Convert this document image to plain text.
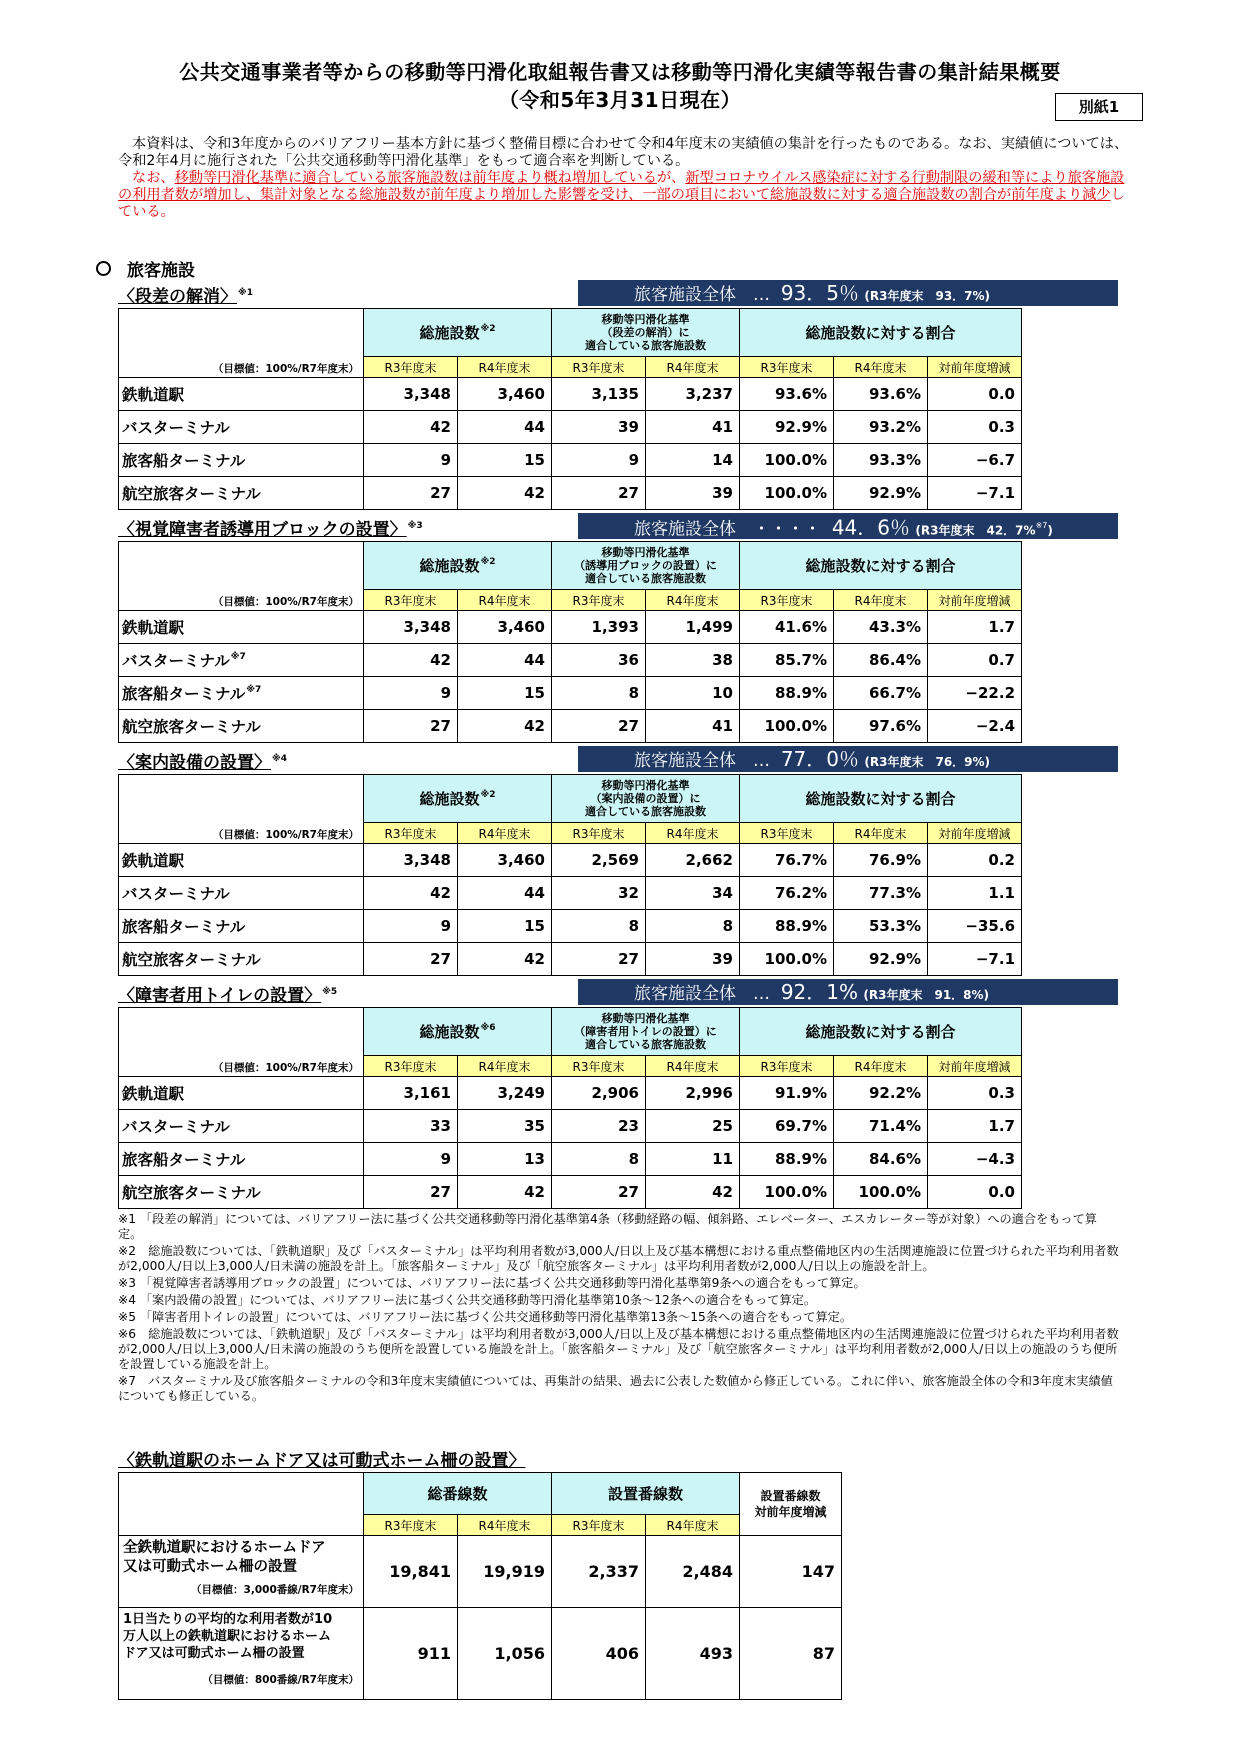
公共交通事業者等からの移動等円滑化取組報告書又は移動等円滑化実績等報告書の集計結果概要
（令和5年3月31日現在）	別紙1
本資料は、令和3年度からのバリアフリー基本方針に基づく整備目標に合わせて令和4年度末の実績値の集計を行ったものである。なお、実績値については、令和2年4月に施行された「公共交通移動等円滑化基準」をもって適合率を判断している。
なお、移動等円滑化基準に適合している旅客施設数は前年度より概ね増加しているが、新型コロナウイルス感染症に対する行動制限の緩和等により旅客施設の利用者数が増加し、集計対象となる総施設数が前年度より増加した影響を受け、一部の項目において総施設数に対する適合施設数の割合が前年度より減少している。
旅客施設
〈段差の解消〉$^{※1}$	旅客施設全体　… 93．5％ (R3年度末　93．7%)
（目標値：100%/R7年度末）	総施設数$^{※2}$		移動等円滑化基準
（段差の解消）に
適合している旅客施設数		総施設数に対する割合		
	R3年度末	R4年度末	R3年度末	R4年度末	R3年度末	R4年度末	対前年度増減
鉄軌道駅	3,348	3,460	3,135	3,237	93.6%	93.6%	0.0
バスターミナル	42	44	39	41	92.9%	93.2%	0.3
旅客船ターミナル	9	15	9	14	100.0%	93.3%	−6.7
航空旅客ターミナル	27	42	27	39	100.0%	92.9%	−7.1
〈視覚障害者誘導用ブロックの設置〉$^{※3}$	旅客施設全体　・・・・ 44．6％ (R3年度末　42．7%$^{※7}$)
（目標値：100%/R7年度末）	総施設数$^{※2}$		移動等円滑化基準
（誘導用ブロックの設置）に
適合している旅客施設数		総施設数に対する割合		
	R3年度末	R4年度末	R3年度末	R4年度末	R3年度末	R4年度末	対前年度増減
鉄軌道駅	3,348	3,460	1,393	1,499	41.6%	43.3%	1.7
バスターミナル$^{※7}$	42	44	36	38	85.7%	86.4%	0.7
旅客船ターミナル$^{※7}$	9	15	8	10	88.9%	66.7%	−22.2
航空旅客ターミナル	27	42	27	41	100.0%	97.6%	−2.4
〈案内設備の設置〉$^{※4}$	旅客施設全体　… 77．0％ (R3年度末　76．9%)
（目標値：100%/R7年度末）	総施設数$^{※2}$		移動等円滑化基準
（案内設備の設置）に
適合している旅客施設数		総施設数に対する割合		
	R3年度末	R4年度末	R3年度末	R4年度末	R3年度末	R4年度末	対前年度増減
鉄軌道駅	3,348	3,460	2,569	2,662	76.7%	76.9%	0.2
バスターミナル	42	44	32	34	76.2%	77.3%	1.1
旅客船ターミナル	9	15	8	8	88.9%	53.3%	−35.6
航空旅客ターミナル	27	42	27	39	100.0%	92.9%	−7.1
〈障害者用トイレの設置〉$^{※5}$	旅客施設全体　… 92．1% (R3年度末　91．8%)
（目標値：100%/R7年度末）	総施設数$^{※6}$		移動等円滑化基準
（障害者用トイレの設置）に
適合している旅客施設数		総施設数に対する割合		
	R3年度末	R4年度末	R3年度末	R4年度末	R3年度末	R4年度末	対前年度増減
鉄軌道駅	3,161	3,249	2,906	2,996	91.9%	92.2%	0.3
バスターミナル	33	35	23	25	69.7%	71.4%	1.7
旅客船ターミナル	9	13	8	11	88.9%	84.6%	−4.3
航空旅客ターミナル	27	42	27	42	100.0%	100.0%	0.0

※1 「段差の解消」については、バリアフリー法に基づく公共交通移動等円滑化基準第4条（移動経路の幅、傾斜路、エレベーター、エスカレーター等が対象）への適合をもって算定。

※2　総施設数については、「鉄軌道駅」及び「バスターミナル」は平均利用者数が3,000人/日以上及び基本構想における重点整備地区内の生活関連施設に位置づけられた平均利用者数が2,000人/日以上3,000人/日未満の施設を計上。「旅客船ターミナル」及び「航空旅客ターミナル」は平均利用者数が2,000人/日以上の施設を計上。

※3 「視覚障害者誘導用ブロックの設置」については、バリアフリー法に基づく公共交通移動等円滑化基準第9条への適合をもって算定。

※4 「案内設備の設置」については、バリアフリー法に基づく公共交通移動等円滑化基準第10条～12条への適合をもって算定。

※5 「障害者用トイレの設置」については、バリアフリー法に基づく公共交通移動等円滑化基準第13条～15条への適合をもって算定。

※6　総施設数については、「鉄軌道駅」及び「バスターミナル」は平均利用者数が3,000人/日以上及び基本構想における重点整備地区内の生活関連施設に位置づけられた平均利用者数が2,000人/日以上3,000人/日未満の施設のうち便所を設置している施設を計上。「旅客船ターミナル」及び「航空旅客ターミナル」は平均利用者数が2,000人/日以上の施設のうち便所を設置している施設を計上。

※7　バスターミナル及び旅客船ターミナルの令和3年度末実績値については、再集計の結果、過去に公表した数値から修正している。これに伴い、旅客施設全体の令和3年度末実績値についても修正している。

〈鉄軌道駅のホームドア又は可動式ホーム柵の設置〉
	総番線数		設置番線数		設置番線数
対前年度増減
	R3年度末	R4年度末	R3年度末	R4年度末	
全鉄軌道駅におけるホームドア
又は可動式ホーム柵の設置
（目標値：3,000番線/R7年度末）	19,841	19,919	2,337	2,484	147
1日当たりの平均的な利用者数が10
万人以上の鉄軌道駅におけるホーム
ドア又は可動式ホーム柵の設置
（目標値：800番線/R7年度末）	911	1,056	406	493	87
